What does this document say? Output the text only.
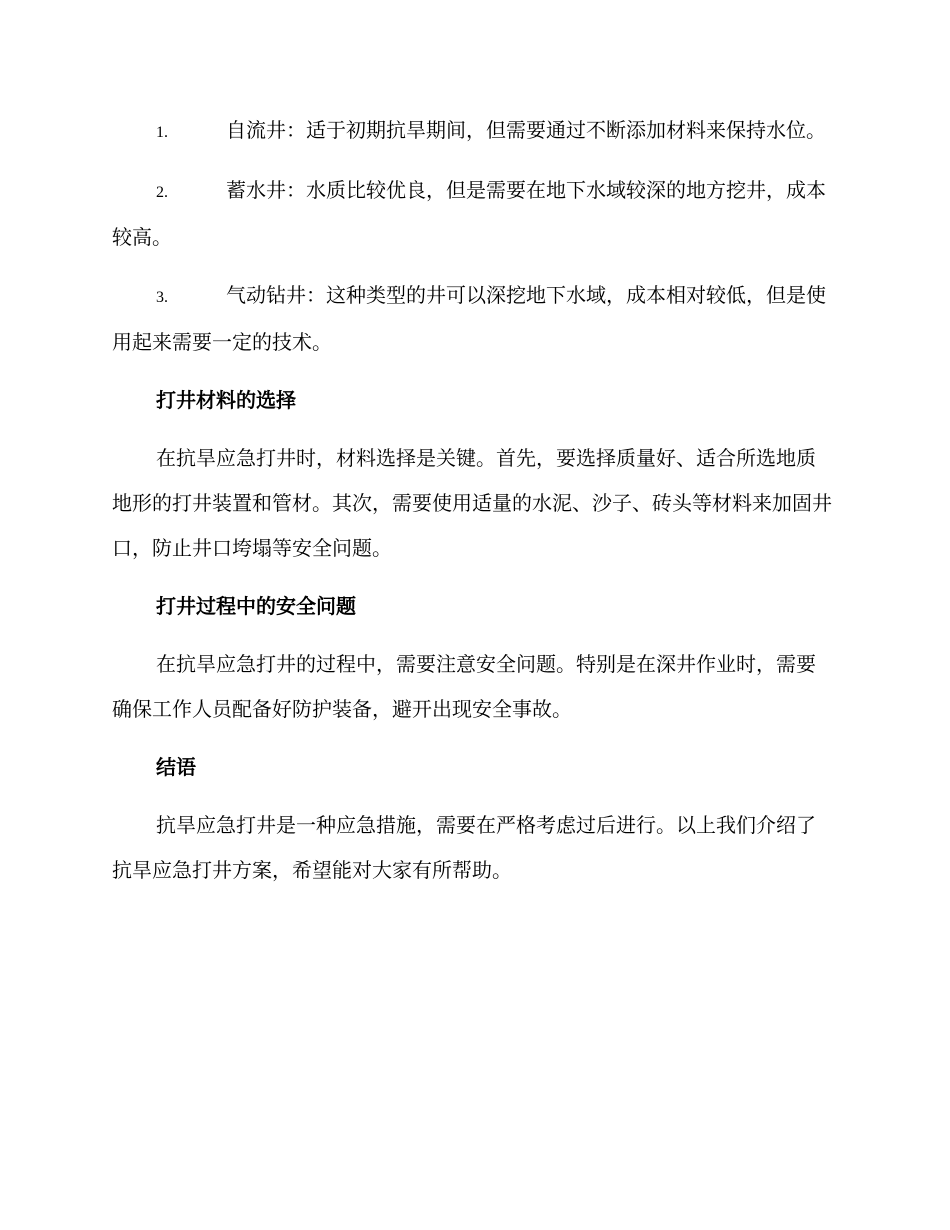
1.	自流井：适于初期抗旱期间，但需要通过不断添加材料来保持水位。
2.	蓄水井：水质比较优良，但是需要在地下水域较深的地方挖井，成本较高。
3.	气动钻井：这种类型的井可以深挖地下水域，成本相对较低，但是使用起来需要一定的技术。
打井材料的选择
在抗旱应急打井时，材料选择是关键。首先，要选择质量好、适合所选地质地形的打井装置和管材。其次，需要使用适量的水泥、沙子、砖头等材料来加固井口，防止井口垮塌等安全问题。
打井过程中的安全问题
在抗旱应急打井的过程中，需要注意安全问题。特别是在深井作业时，需要确保工作人员配备好防护装备，避开出现安全事故。
结语
抗旱应急打井是一种应急措施，需要在严格考虑过后进行。以上我们介绍了抗旱应急打井方案，希望能对大家有所帮助。
